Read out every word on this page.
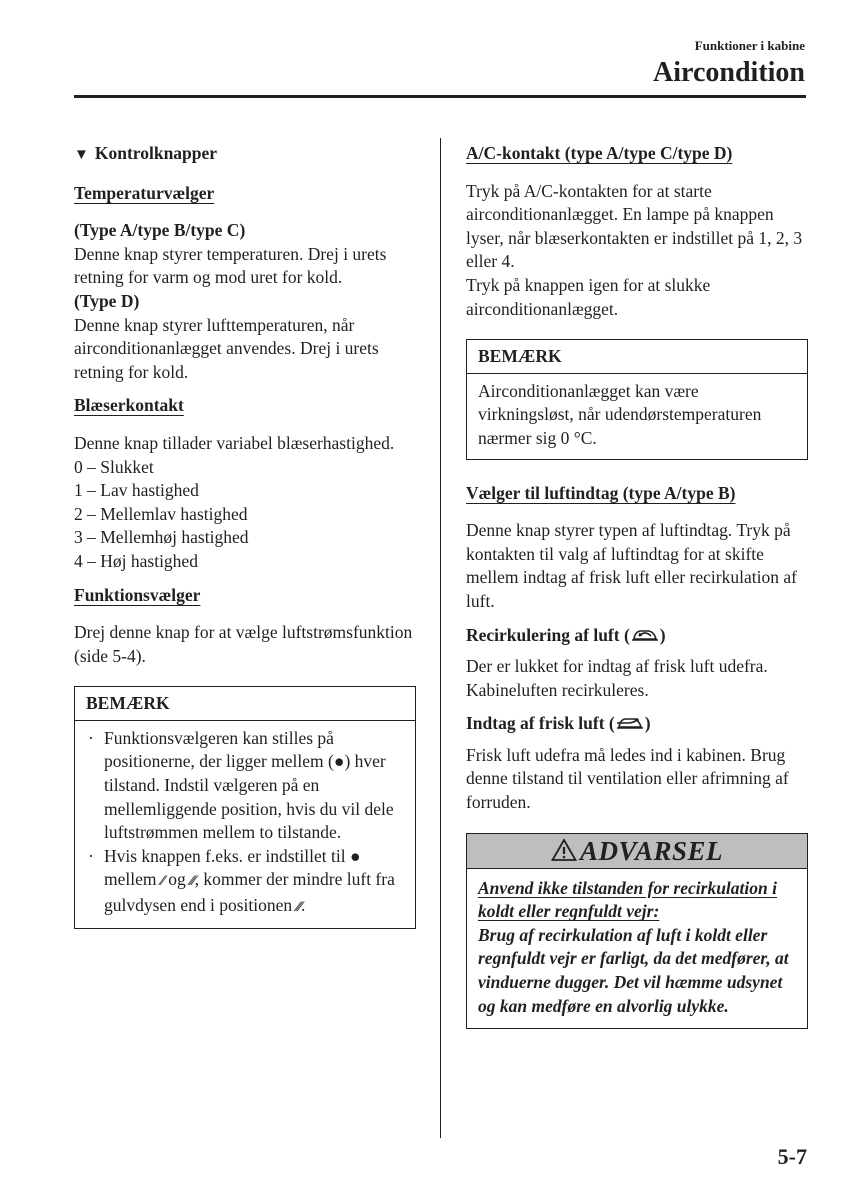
Funktioner i kabine
Aircondition

▼ Kontrolknapper

Temperaturvælger

(Type A/type B/type C)

Denne knap styrer temperaturen. Drej i urets retning for varm og mod uret for kold.

(Type D)

Denne knap styrer lufttemperaturen, når airconditionanlægget anvendes. Drej i urets retning for kold.

Blæserkontakt

Denne knap tillader variabel blæserhastighed.

0 – Slukket

1 – Lav hastighed

2 – Mellemlav hastighed

3 – Mellemhøj hastighed

4 – Høj hastighed

Funktionsvælger

Drej denne knap for at vælge luftstrømsfunktion (side 5-4).

BEMÆRK
· Funktionsvælgeren kan stilles på positionerne, der ligger mellem (●) hver tilstand. Indstil vælgeren på en mellemliggende position, hvis du vil dele luftstrømmen mellem to tilstande.
· Hvis knappen f.eks. er indstillet til ● mellem ⁄⁄ og ⁄⁄⁄, kommer der mindre luft fra gulvdysen end i positionen ⁄⁄⁄.

A/C-kontakt (type A/type C/type D)

Tryk på A/C-kontakten for at starte airconditionanlægget. En lampe på knappen lyser, når blæserkontakten er indstillet på 1, 2, 3 eller 4.

Tryk på knappen igen for at slukke airconditionanlægget.

BEMÆRK
Airconditionanlægget kan være virkningsløst, når udendørstemperaturen nærmer sig 0 °C.

Vælger til luftindtag (type A/type B)

Denne knap styrer typen af luftindtag. Tryk på kontakten til valg af luftindtag for at skifte mellem indtag af frisk luft eller recirkulation af luft.

Recirkulering af luft ( )

Der er lukket for indtag af frisk luft udefra. Kabineluften recirkuleres.

Indtag af frisk luft ( )

Frisk luft udefra må ledes ind i kabinen. Brug denne tilstand til ventilation eller afrimning af forruden.

ADVARSEL

Anvend ikke tilstanden for recirkulation i koldt eller regnfuldt vejr:

Brug af recirkulation af luft i koldt eller regnfuldt vejr er farligt, da det medfører, at vinduerne dugger. Det vil hæmme udsynet og kan medføre en alvorlig ulykke.

5-7
